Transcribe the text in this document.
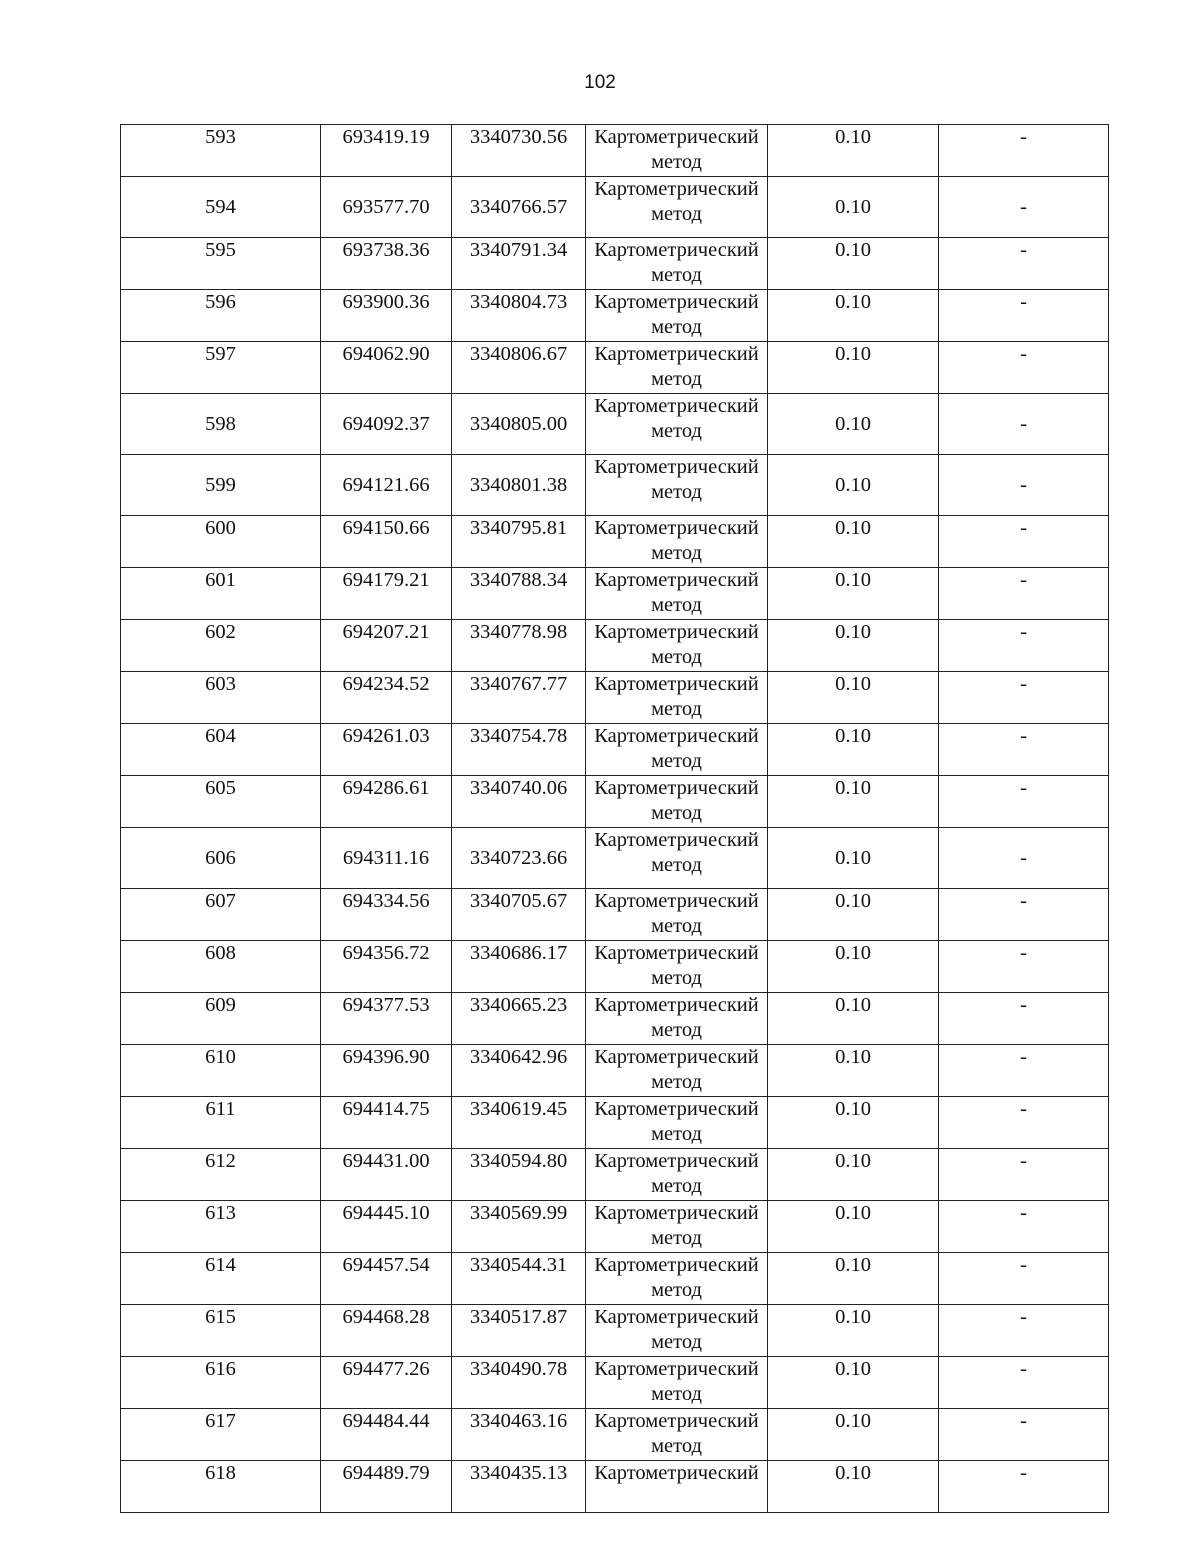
102
593	693419.19	3340730.56	Картометрический метод	0.10	-
594	693577.70	3340766.57	Картометрический метод	0.10	-
595	693738.36	3340791.34	Картометрический метод	0.10	-
596	693900.36	3340804.73	Картометрический метод	0.10	-
597	694062.90	3340806.67	Картометрический метод	0.10	-
598	694092.37	3340805.00	Картометрический метод	0.10	-
599	694121.66	3340801.38	Картометрический метод	0.10	-
600	694150.66	3340795.81	Картометрический метод	0.10	-
601	694179.21	3340788.34	Картометрический метод	0.10	-
602	694207.21	3340778.98	Картометрический метод	0.10	-
603	694234.52	3340767.77	Картометрический метод	0.10	-
604	694261.03	3340754.78	Картометрический метод	0.10	-
605	694286.61	3340740.06	Картометрический метод	0.10	-
606	694311.16	3340723.66	Картометрический метод	0.10	-
607	694334.56	3340705.67	Картометрический метод	0.10	-
608	694356.72	3340686.17	Картометрический метод	0.10	-
609	694377.53	3340665.23	Картометрический метод	0.10	-
610	694396.90	3340642.96	Картометрический метод	0.10	-
611	694414.75	3340619.45	Картометрический метод	0.10	-
612	694431.00	3340594.80	Картометрический метод	0.10	-
613	694445.10	3340569.99	Картометрический метод	0.10	-
614	694457.54	3340544.31	Картометрический метод	0.10	-
615	694468.28	3340517.87	Картометрический метод	0.10	-
616	694477.26	3340490.78	Картометрический метод	0.10	-
617	694484.44	3340463.16	Картометрический метод	0.10	-
618	694489.79	3340435.13	Картометрический	0.10	-
